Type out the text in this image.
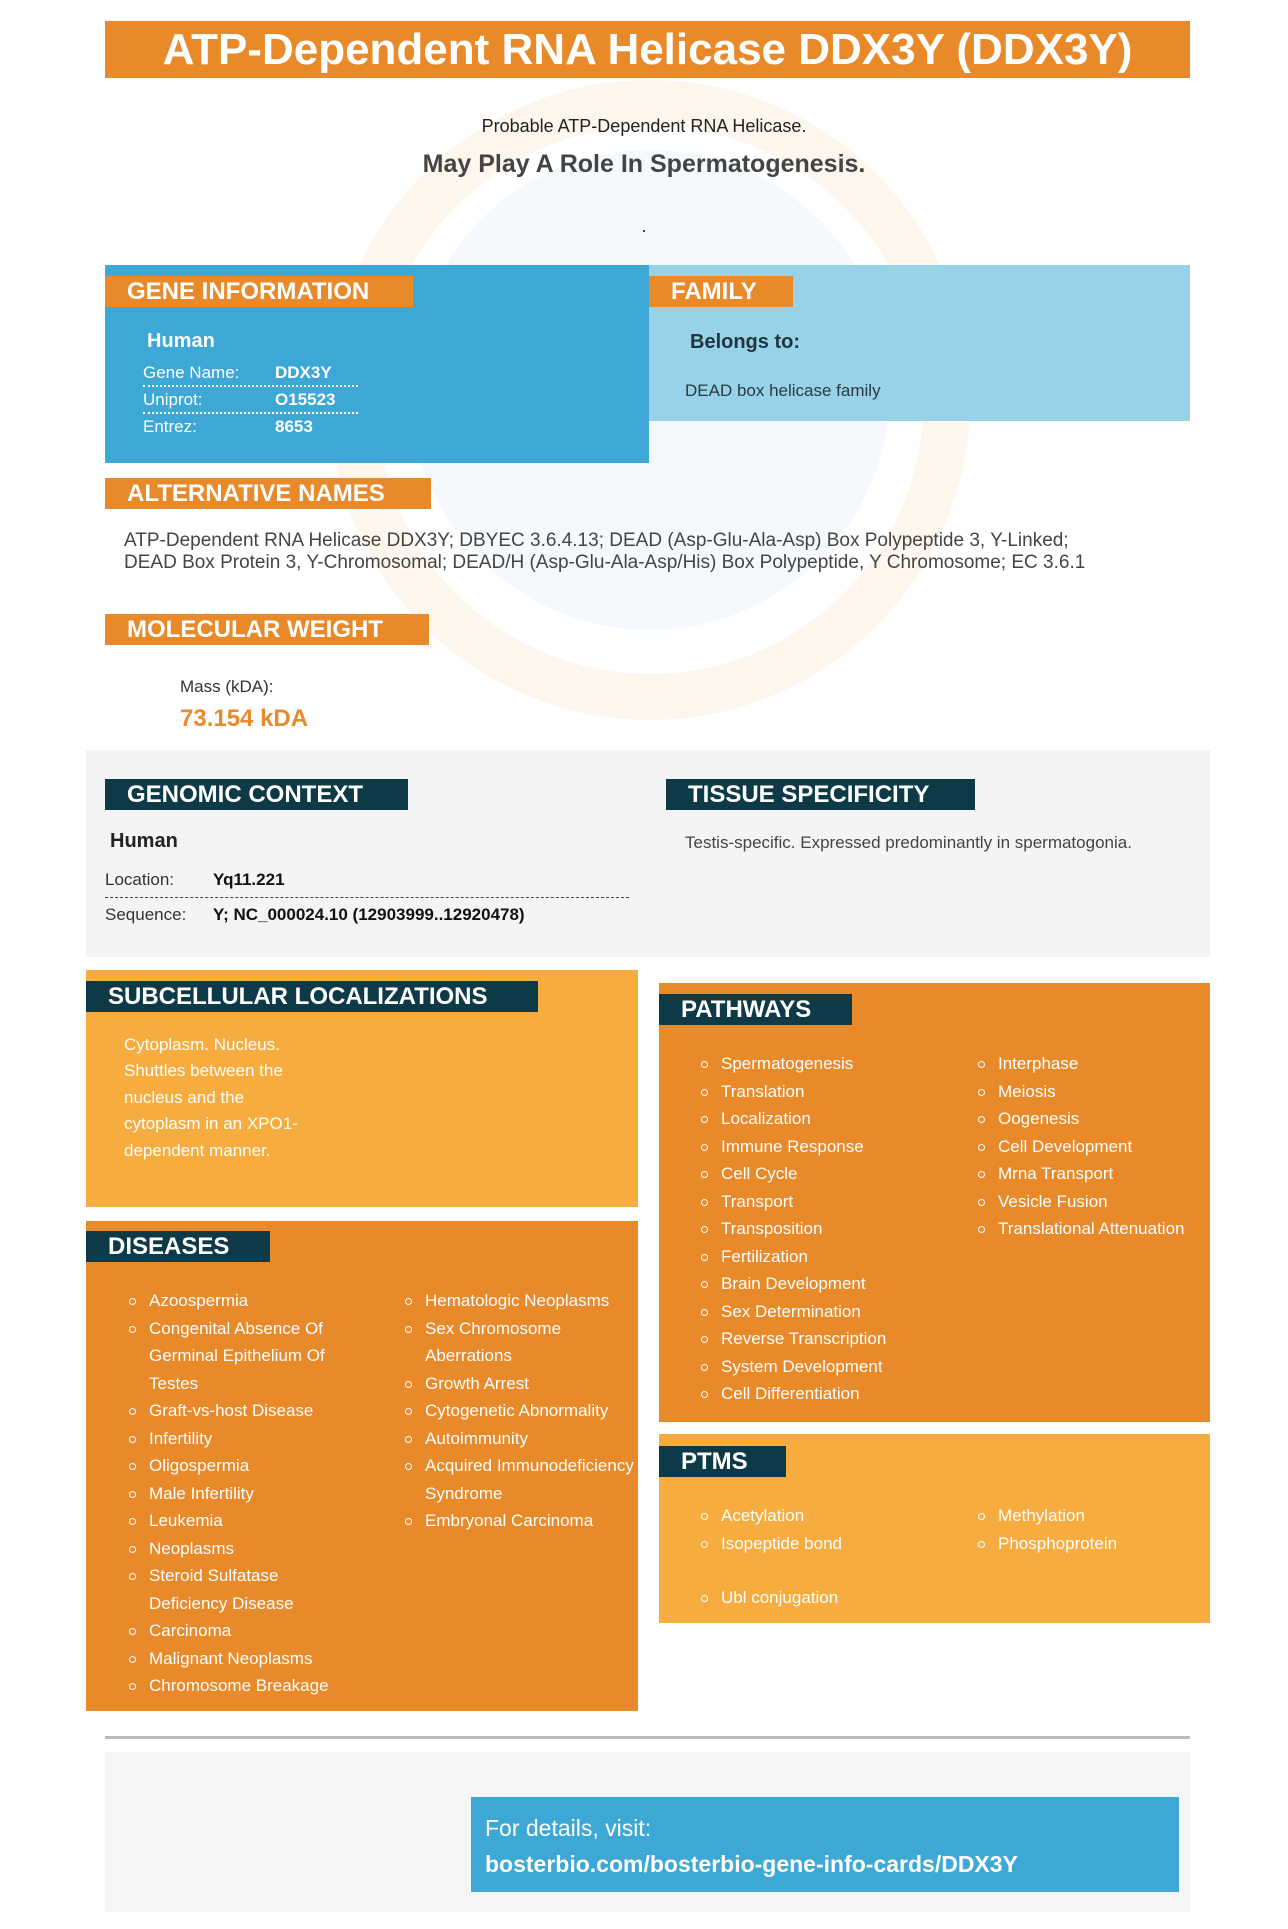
ATP-Dependent RNA Helicase DDX3Y (DDX3Y)
Probable ATP-Dependent RNA Helicase.
May Play A Role In Spermatogenesis.
.
GENE INFORMATION
Human
Gene Name: DDX3Y
Uniprot:	O15523
Entrez:	8653
FAMILY
Belongs to:
DEAD box helicase family
ALTERNATIVE NAMES
ATP-Dependent RNA Helicase DDX3Y; DBYEC 3.6.4.13; DEAD (Asp-Glu-Ala-Asp) Box Polypeptide 3, Y-Linked;
DEAD Box Protein 3, Y-Chromosomal; DEAD/H (Asp-Glu-Ala-Asp/His) Box Polypeptide, Y Chromosome; EC 3.6.1
MOLECULAR WEIGHT
Mass (kDA):
73.154 kDA
GENOMIC CONTEXT
Human
Location: Yq11.221
Sequence: Y; NC_000024.10 (12903999..12920478)
TISSUE SPECIFICITY
Testis-specific. Expressed predominantly in spermatogonia.
SUBCELLULAR LOCALIZATIONS
Cytoplasm. Nucleus.
Shuttles between the
nucleus and the
cytoplasm in an XPO1-
dependent manner.
DISEASES
Azoospermia
Congenital Absence Of Germinal Epithelium Of Testes
Graft-vs-host Disease
Infertility
Oligospermia
Male Infertility
Leukemia
Neoplasms
Steroid Sulfatase Deficiency Disease
Carcinoma
Malignant Neoplasms
Chromosome Breakage
Hematologic Neoplasms
Sex Chromosome Aberrations
Growth Arrest
Cytogenetic Abnormality
Autoimmunity
Acquired Immunodeficiency Syndrome
Embryonal Carcinoma
PATHWAYS
Spermatogenesis
Translation
Localization
Immune Response
Cell Cycle
Transport
Transposition
Fertilization
Brain Development
Sex Determination
Reverse Transcription
System Development
Cell Differentiation
Interphase
Meiosis
Oogenesis
Cell Development
Mrna Transport
Vesicle Fusion
Translational Attenuation
PTMS
Acetylation
Isopeptide bond
Methylation
Phosphoprotein
Ubl conjugation
For details, visit:
bosterbio.com/bosterbio-gene-info-cards/DDX3Y
